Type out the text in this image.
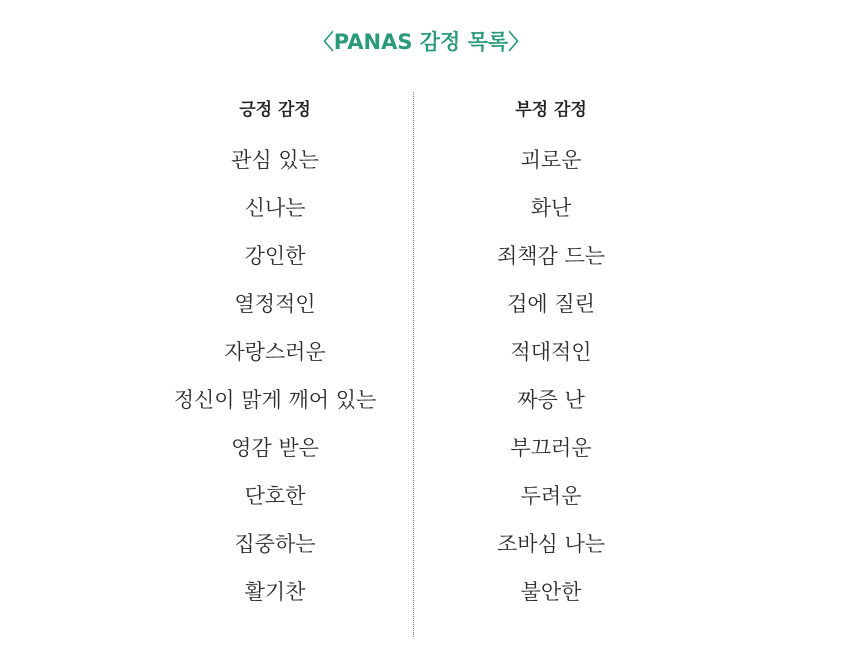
〈PANAS 감정 목록〉
긍정 감정
관심 있는
신나는
강인한
열정적인
자랑스러운
정신이 맑게 깨어 있는
영감 받은
단호한
집중하는
활기찬
부정 감정
괴로운
화난
죄책감 드는
겁에 질린
적대적인
짜증 난
부끄러운
두려운
조바심 나는
불안한
